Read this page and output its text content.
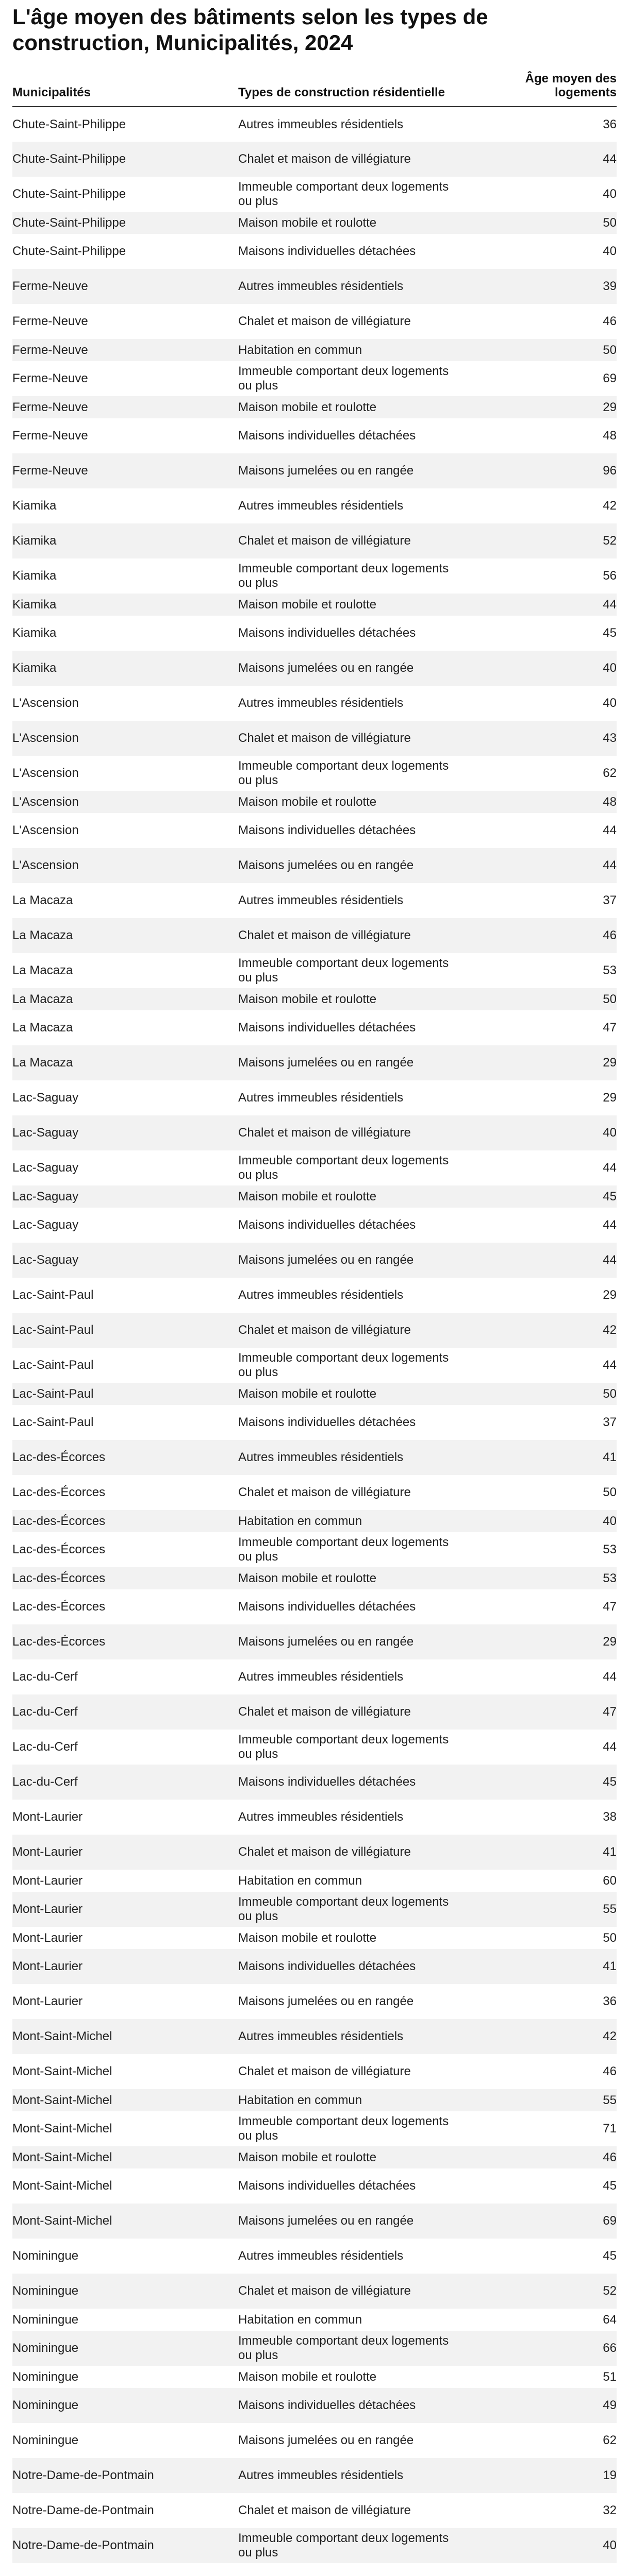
L'âge moyen des bâtiments selon les types de construction, Municipalités, 2024
Municipalités	Types de construction résidentielle	Âge moyen des logements
Chute-Saint-Philippe	Autres immeubles résidentiels	36
Chute-Saint-Philippe	Chalet et maison de villégiature	44
Chute-Saint-Philippe	Immeuble comportant deux logements ou plus	40
Chute-Saint-Philippe	Maison mobile et roulotte	50
Chute-Saint-Philippe	Maisons individuelles détachées	40
Ferme-Neuve	Autres immeubles résidentiels	39
Ferme-Neuve	Chalet et maison de villégiature	46
Ferme-Neuve	Habitation en commun	50
Ferme-Neuve	Immeuble comportant deux logements ou plus	69
Ferme-Neuve	Maison mobile et roulotte	29
Ferme-Neuve	Maisons individuelles détachées	48
Ferme-Neuve	Maisons jumelées ou en rangée	96
Kiamika	Autres immeubles résidentiels	42
Kiamika	Chalet et maison de villégiature	52
Kiamika	Immeuble comportant deux logements ou plus	56
Kiamika	Maison mobile et roulotte	44
Kiamika	Maisons individuelles détachées	45
Kiamika	Maisons jumelées ou en rangée	40
L'Ascension	Autres immeubles résidentiels	40
L'Ascension	Chalet et maison de villégiature	43
L'Ascension	Immeuble comportant deux logements ou plus	62
L'Ascension	Maison mobile et roulotte	48
L'Ascension	Maisons individuelles détachées	44
L'Ascension	Maisons jumelées ou en rangée	44
La Macaza	Autres immeubles résidentiels	37
La Macaza	Chalet et maison de villégiature	46
La Macaza	Immeuble comportant deux logements ou plus	53
La Macaza	Maison mobile et roulotte	50
La Macaza	Maisons individuelles détachées	47
La Macaza	Maisons jumelées ou en rangée	29
Lac-Saguay	Autres immeubles résidentiels	29
Lac-Saguay	Chalet et maison de villégiature	40
Lac-Saguay	Immeuble comportant deux logements ou plus	44
Lac-Saguay	Maison mobile et roulotte	45
Lac-Saguay	Maisons individuelles détachées	44
Lac-Saguay	Maisons jumelées ou en rangée	44
Lac-Saint-Paul	Autres immeubles résidentiels	29
Lac-Saint-Paul	Chalet et maison de villégiature	42
Lac-Saint-Paul	Immeuble comportant deux logements ou plus	44
Lac-Saint-Paul	Maison mobile et roulotte	50
Lac-Saint-Paul	Maisons individuelles détachées	37
Lac-des-Écorces	Autres immeubles résidentiels	41
Lac-des-Écorces	Chalet et maison de villégiature	50
Lac-des-Écorces	Habitation en commun	40
Lac-des-Écorces	Immeuble comportant deux logements ou plus	53
Lac-des-Écorces	Maison mobile et roulotte	53
Lac-des-Écorces	Maisons individuelles détachées	47
Lac-des-Écorces	Maisons jumelées ou en rangée	29
Lac-du-Cerf	Autres immeubles résidentiels	44
Lac-du-Cerf	Chalet et maison de villégiature	47
Lac-du-Cerf	Immeuble comportant deux logements ou plus	44
Lac-du-Cerf	Maisons individuelles détachées	45
Mont-Laurier	Autres immeubles résidentiels	38
Mont-Laurier	Chalet et maison de villégiature	41
Mont-Laurier	Habitation en commun	60
Mont-Laurier	Immeuble comportant deux logements ou plus	55
Mont-Laurier	Maison mobile et roulotte	50
Mont-Laurier	Maisons individuelles détachées	41
Mont-Laurier	Maisons jumelées ou en rangée	36
Mont-Saint-Michel	Autres immeubles résidentiels	42
Mont-Saint-Michel	Chalet et maison de villégiature	46
Mont-Saint-Michel	Habitation en commun	55
Mont-Saint-Michel	Immeuble comportant deux logements ou plus	71
Mont-Saint-Michel	Maison mobile et roulotte	46
Mont-Saint-Michel	Maisons individuelles détachées	45
Mont-Saint-Michel	Maisons jumelées ou en rangée	69
Nominingue	Autres immeubles résidentiels	45
Nominingue	Chalet et maison de villégiature	52
Nominingue	Habitation en commun	64
Nominingue	Immeuble comportant deux logements ou plus	66
Nominingue	Maison mobile et roulotte	51
Nominingue	Maisons individuelles détachées	49
Nominingue	Maisons jumelées ou en rangée	62
Notre-Dame-de-Pontmain	Autres immeubles résidentiels	19
Notre-Dame-de-Pontmain	Chalet et maison de villégiature	32
Notre-Dame-de-Pontmain	Immeuble comportant deux logements ou plus	40
